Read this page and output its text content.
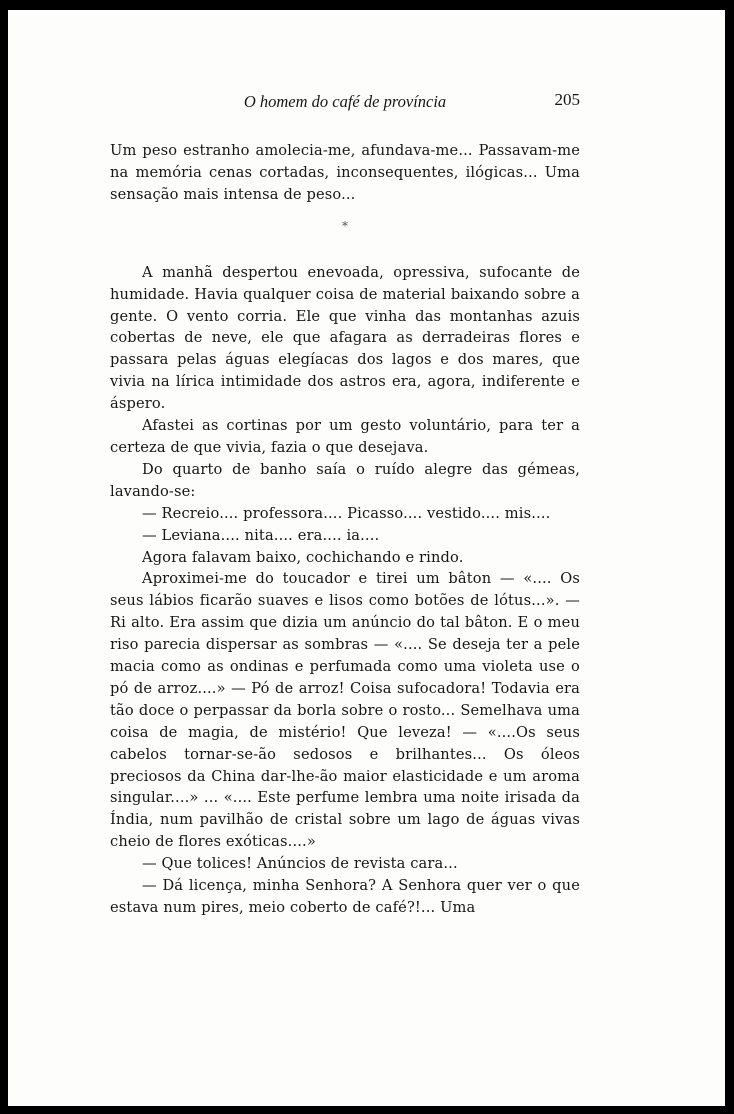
O homem do café de província	205

Um peso estranho amolecia-me, afundava-me... Passavam-me na memória cenas cortadas, inconsequentes, ilógicas... Uma sensação mais intensa de peso...

*

A manhã despertou enevoada, opressiva, sufocante de humidade. Havia qualquer coisa de material baixando sobre a gente. O vento corria. Ele que vinha das montanhas azuis cobertas de neve, ele que afagara as derradeiras flores e passara pelas águas elegíacas dos lagos e dos mares, que vivia na lírica intimidade dos astros era, agora, indiferente e áspero.

Afastei as cortinas por um gesto voluntário, para ter a certeza de que vivia, fazia o que desejava.

Do quarto de banho saía o ruído alegre das gémeas, lavando-se:

— Recreio.... professora.... Picasso.... vestido.... mis....

— Leviana.... nita.... era.... ia....

Agora falavam baixo, cochichando e rindo.

Aproximei-me do toucador e tirei um bâton — «.... Os seus lábios ficarão suaves e lisos como botões de lótus...». — Ri alto. Era assim que dizia um anúncio do tal bâton. E o meu riso parecia dispersar as sombras — «.... Se deseja ter a pele macia como as ondinas e perfumada como uma violeta use o pó de arroz....» — Pó de arroz! Coisa sufocadora! Todavia era tão doce o perpassar da borla sobre o rosto... Semelhava uma coisa de magia, de mistério! Que leveza! — «....Os seus cabelos tornar-se-ão sedosos e brilhantes... Os óleos preciosos da China dar-lhe-ão maior elasticidade e um aroma singular....» ... «.... Este perfume lembra uma noite irisada da Índia, num pavilhão de cristal sobre um lago de águas vivas cheio de flores exóticas....»

— Que tolices! Anúncios de revista cara...

— Dá licença, minha Senhora? A Senhora quer ver o que estava num pires, meio coberto de café?!... Uma
